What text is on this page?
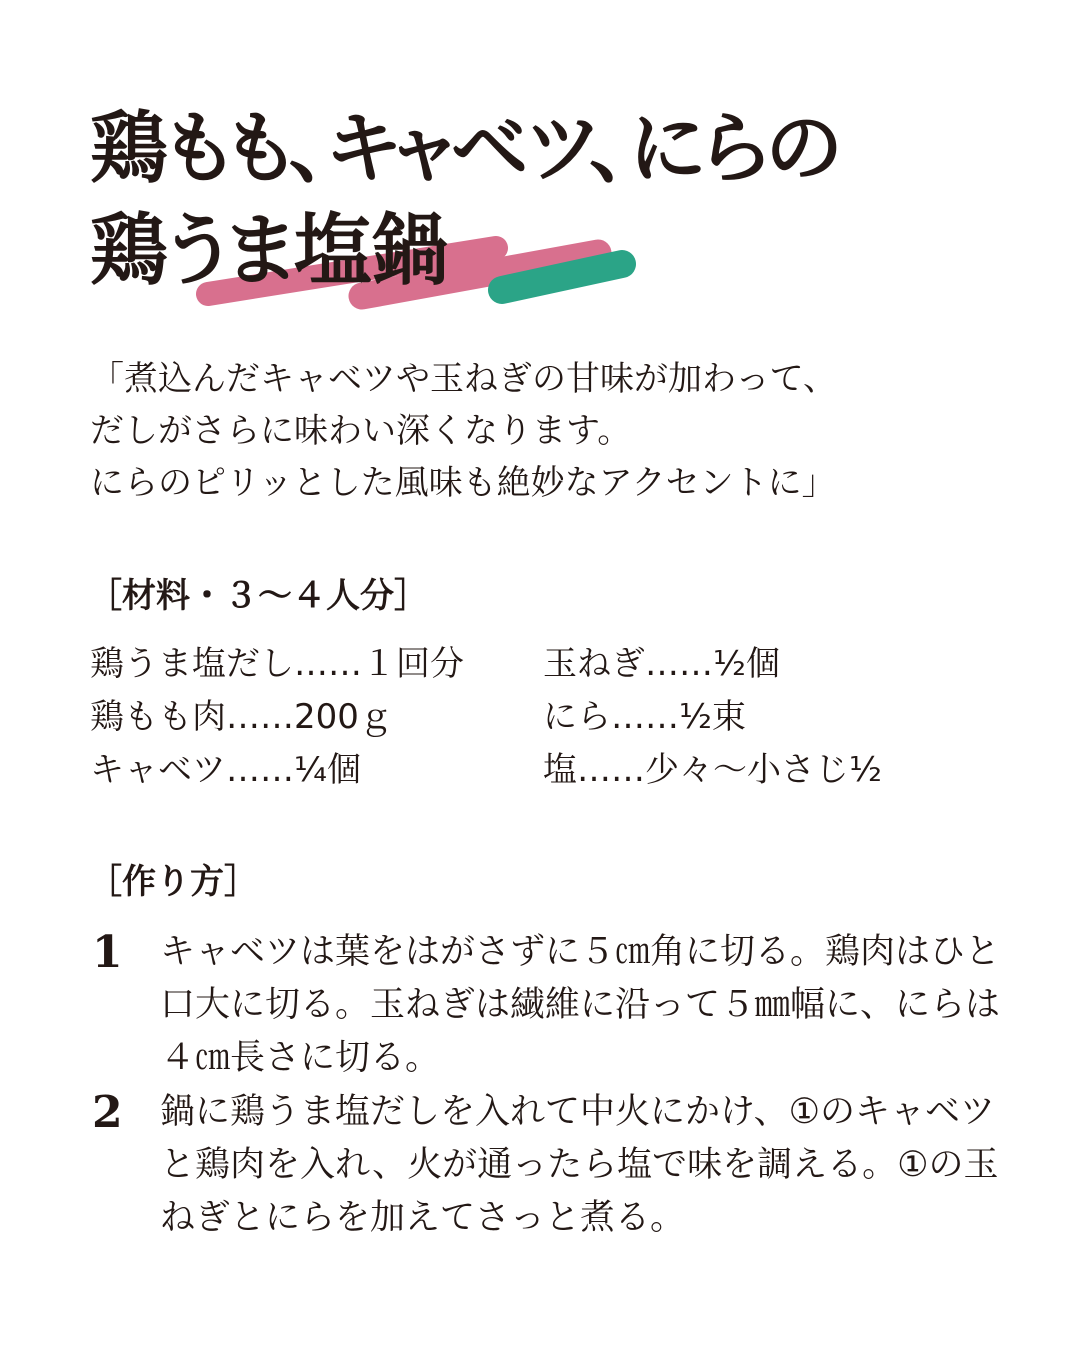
鶏もも、キャベツ、にらの
鶏うま塩鍋
「煮込んだキャベツや玉ねぎの甘味が加わって、
だしがさらに味わい深くなります。
にらのピリッとした風味も絶妙なアクセントに」
［材料・３～４人分］
鶏うま塩だし……１回分
鶏もも肉……200ｇ
キャベツ……¼個
玉ねぎ……½個
にら……½束
塩……少々～小さじ½
［作り方］
1 キャベツは葉をはがさずに５㎝角に切る。鶏肉はひと
口大に切る。玉ねぎは繊維に沿って５㎜幅に、にらは
４㎝長さに切る。
2 鍋に鶏うま塩だしを入れて中火にかけ、①のキャベツ
と鶏肉を入れ、火が通ったら塩で味を調える。①の玉
ねぎとにらを加えてさっと煮る。
